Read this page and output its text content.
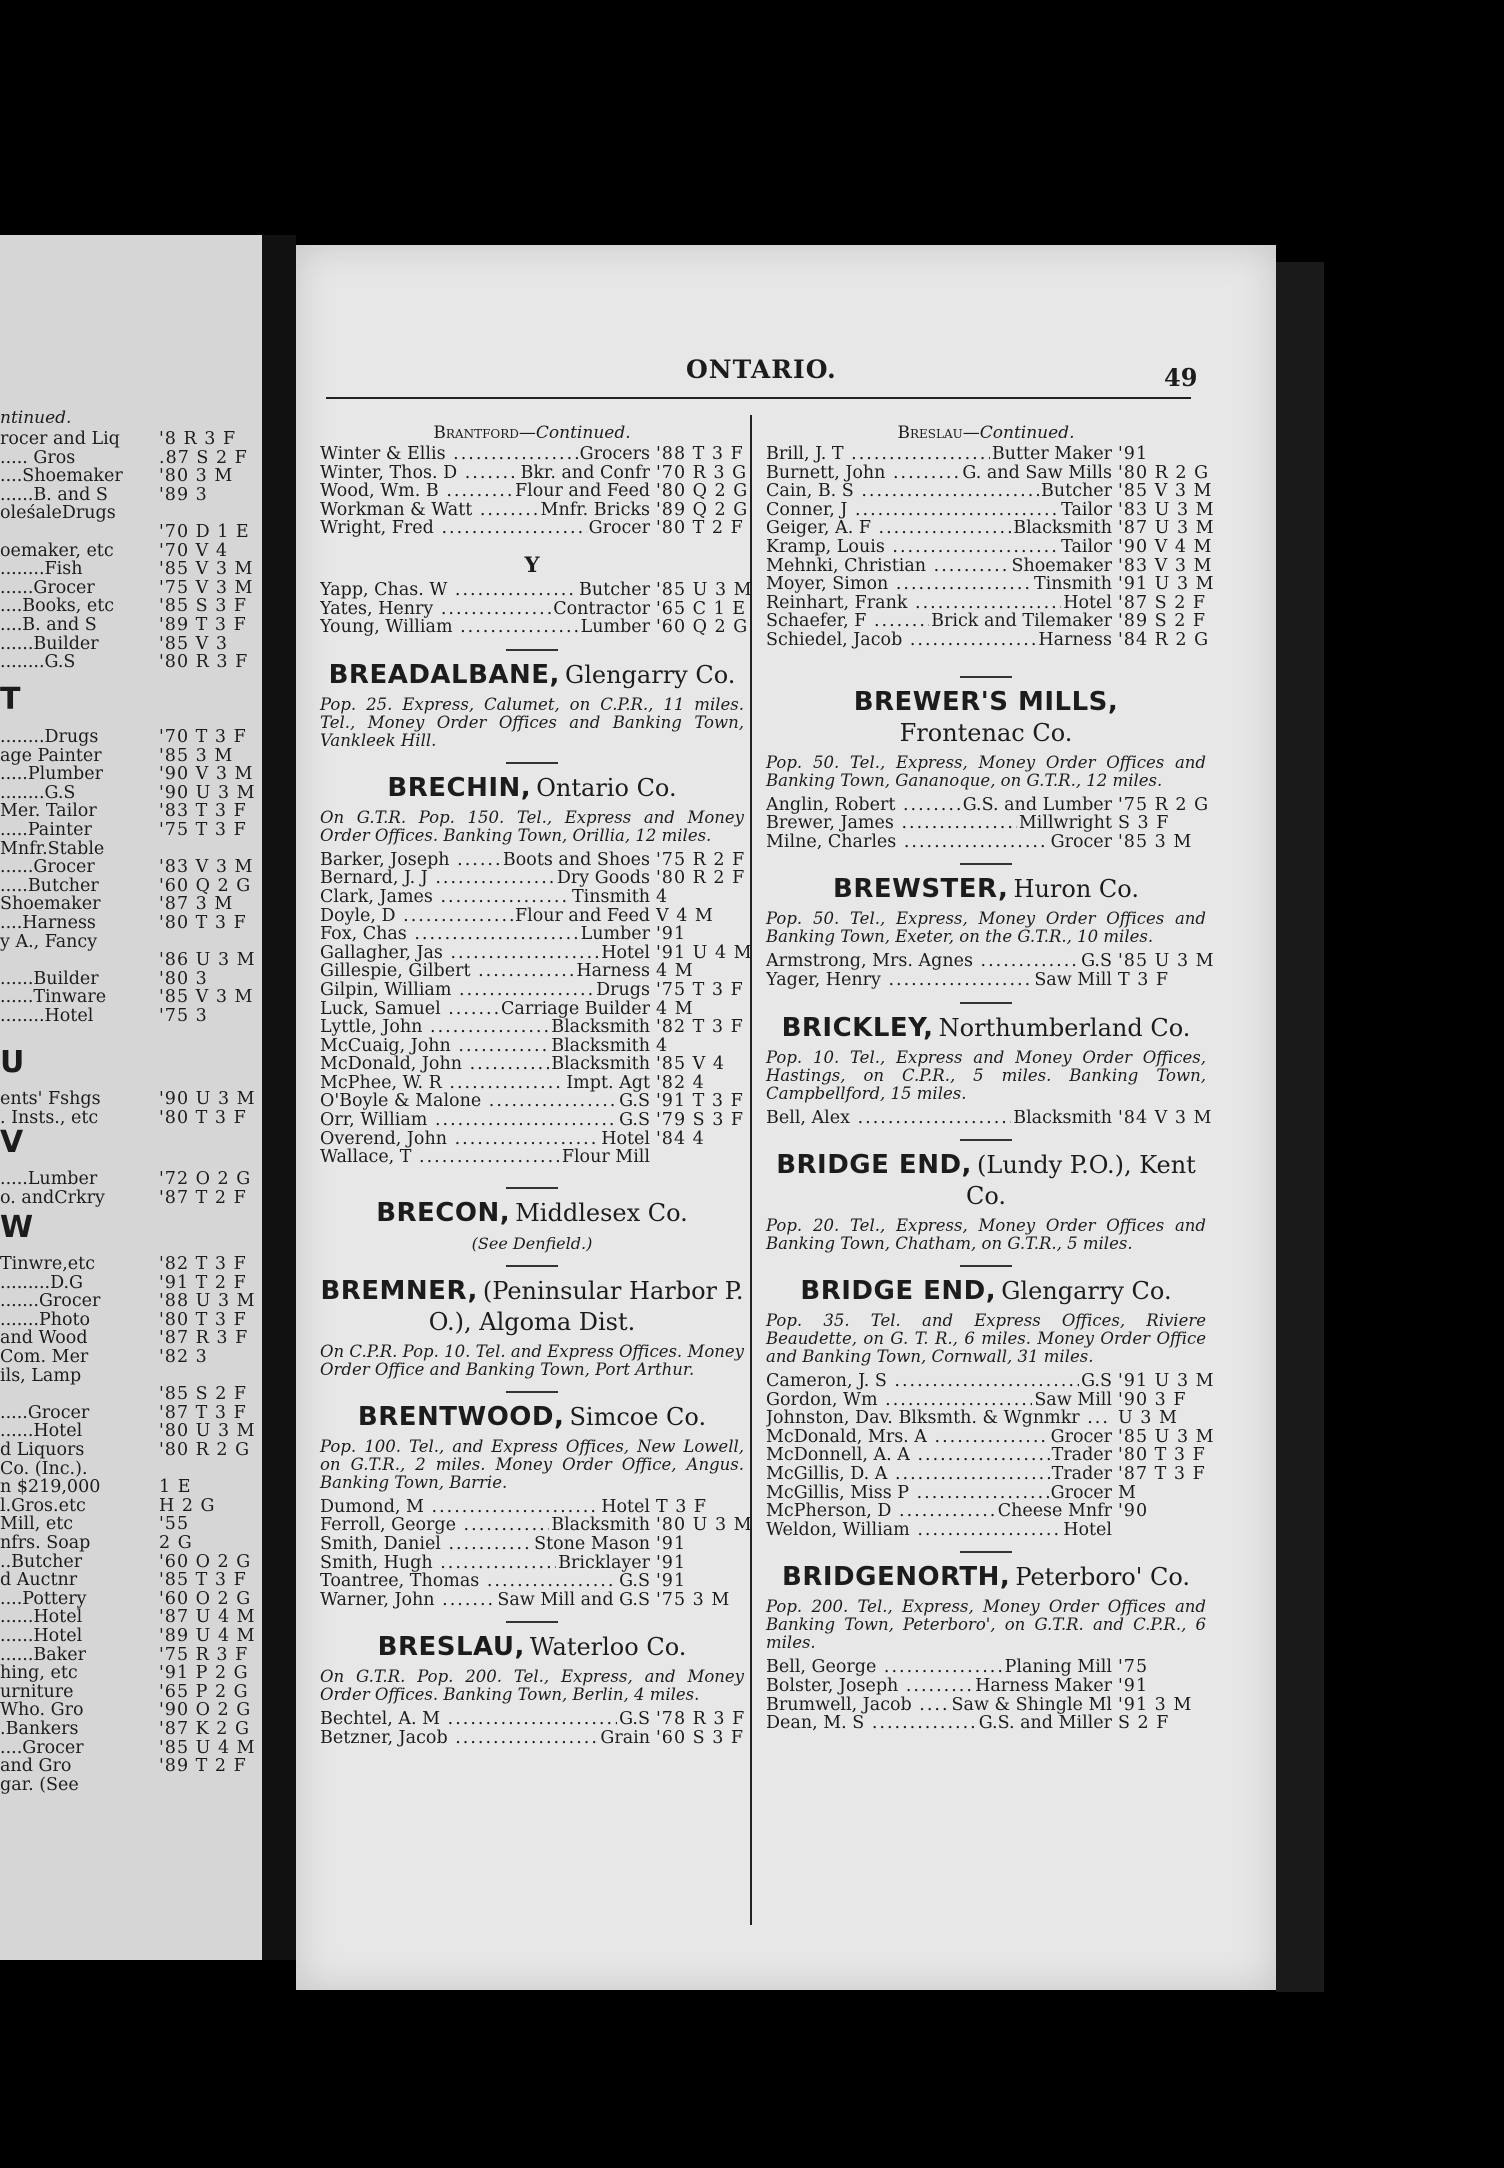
ntinued.
rocer and Liq	'8 R 3 F
..... Gros	.87 S 2 F
....Shoemaker	'80 3 M
......B. and S	'89 3
oleśaleDrugs
'70 D 1 E
oemaker, etc	'70 V 4
........Fish	'85 V 3 M
......Grocer	'75 V 3 M
....Books, etc	'85 S 3 F
....B. and S	'89 T 3 F
......Builder	'85 V 3
........G.S	'80 R 3 F
T
........Drugs	'70 T 3 F
age Painter	'85 3 M
.....Plumber	'90 V 3 M
........G.S	'90 U 3 M
Mer. Tailor	'83 T 3 F
.....Painter	'75 T 3 F
Mnfr.Stable
......Grocer	'83 V 3 M
.....Butcher	'60 Q 2 G
Shoemaker	'87 3 M
....Harness	'80 T 3 F
y A., Fancy
'86 U 3 M
......Builder	'80 3
......Tinware	'85 V 3 M
........Hotel	'75 3
U
ents' Fshgs	'90 U 3 M
. Insts., etc	'80 T 3 F
V
.....Lumber	'72 O 2 G
o. andCrkry	'87 T 2 F
W
Tinwre,etc	'82 T 3 F
.........D.G	'91 T 2 F
.......Grocer	'88 U 3 M
.......Photo	'80 T 3 F
and Wood	'87 R 3 F
Com. Mer	'82 3
ils, Lamp
'85 S 2 F
.....Grocer	'87 T 3 F
......Hotel	'80 U 3 M
d Liquors	'80 R 2 G
Co. (Inc.).
n $219,000	1 E
l.Gros.etc	H 2 G
Mill, etc	'55
nfrs. Soap	2 G
..Butcher	'60 O 2 G
d Auctnr	'85 T 3 F
....Pottery	'60 O 2 G
......Hotel	'87 U 4 M
......Hotel	'89 U 4 M
......Baker	'75 R 3 F
hing, etc	'91 P 2 G
urniture	'65 P 2 G
Who. Gro	'90 O 2 G
.Bankers	'87 K 2 G
....Grocer	'85 U 4 M
and Gro	'89 T 2 F
gar. (See
ONTARIO.	49
Brantford—Continued.
Winter & Ellis .....	Grocers '88 T 3 F
Winter, Thos. D .....	Bkr. and Confr '70 R 3 G
Wood, Wm. B .....	Flour and Feed '80 Q 2 G
Workman & Watt .....	Mnfr. Bricks '89 Q 2 G
Wright, Fred .....	Grocer '80 T 2 F
Y
Yapp, Chas. W .....	Butcher '85 U 3 M
Yates, Henry .....	Contractor '65 C 1 E
Young, William .....	Lumber '60 Q 2 G
BREADALBANE, Glengarry Co.
Pop. 25. Express, Calumet, on C.P.R., 11 miles. Tel., Money Order Offices and Banking Town, Vankleek Hill.
BRECHIN, Ontario Co.
On G.T.R. Pop. 150. Tel., Express and Money Order Offices. Banking Town, Orillia, 12 miles.
Barker, Joseph .....	Boots and Shoes '75 R 2 F
Bernard, J. J .....	Dry Goods '80 R 2 F
Clark, James .....	Tinsmith 4
Doyle, D .....	Flour and Feed V 4 M
Fox, Chas .....	Lumber '91
Gallagher, Jas .....	Hotel '91 U 4 M
Gillespie, Gilbert .....	Harness 4 M
Gilpin, William .....	Drugs '75 T 3 F
Luck, Samuel .....	Carriage Builder 4 M
Lyttle, John .....	Blacksmith '82 T 3 F
McCuaig, John .....	Blacksmith 4
McDonald, John .....	Blacksmith '85 V 4
McPhee, W. R .....	Impt. Agt '82 4
O'Boyle & Malone .....	G.S '91 T 3 F
Orr, William .....	G.S '79 S 3 F
Overend, John .....	Hotel '84 4
Wallace, T .....	Flour Mill
BRECON, Middlesex Co.
(See Denfield.)
BREMNER, (Peninsular Harbor P. O.), Algoma Dist.
On C.P.R. Pop. 10. Tel. and Express Offices. Money Order Office and Banking Town, Port Arthur.
BRENTWOOD, Simcoe Co.
Pop. 100. Tel., and Express Offices, New Lowell, on G.T.R., 2 miles. Money Order Office, Angus. Banking Town, Barrie.
Dumond, M .....	Hotel T 3 F
Ferroll, George .....	Blacksmith '80 U 3 M
Smith, Daniel .....	Stone Mason '91
Smith, Hugh .....	Bricklayer '91
Toantree, Thomas .....	G.S '91
Warner, John .....	Saw Mill and G.S '75 3 M
BRESLAU, Waterloo Co.
On G.T.R. Pop. 200. Tel., Express, and Money Order Offices. Banking Town, Berlin, 4 miles.
Bechtel, A. M .....	G.S '78 R 3 F
Betzner, Jacob .....	Grain '60 S 3 F
Breslau—Continued.
Brill, J. T .....	Butter Maker '91
Burnett, John .....	G. and Saw Mills '80 R 2 G
Cain, B. S .....	Butcher '85 V 3 M
Conner, J .....	Tailor '83 U 3 M
Geiger, A. F .....	Blacksmith '87 U 3 M
Kramp, Louis .....	Tailor '90 V 4 M
Mehnki, Christian .....	Shoemaker '83 V 3 M
Moyer, Simon .....	Tinsmith '91 U 3 M
Reinhart, Frank .....	Hotel '87 S 2 F
Schaefer, F .....	Brick and Tilemaker '89 S 2 F
Schiedel, Jacob .....	Harness '84 R 2 G
BREWER'S MILLS,
Frontenac Co.
Pop. 50. Tel., Express, Money Order Offices and Banking Town, Gananoque, on G.T.R., 12 miles.
Anglin, Robert .....	G.S. and Lumber '75 R 2 G
Brewer, James .....	Millwright S 3 F
Milne, Charles .....	Grocer '85 3 M
BREWSTER, Huron Co.
Pop. 50. Tel., Express, Money Order Offices and Banking Town, Exeter, on the G.T.R., 10 miles.
Armstrong, Mrs. Agnes .....	G.S '85 U 3 M
Yager, Henry .....	Saw Mill T 3 F
BRICKLEY, Northumberland Co.
Pop. 10. Tel., Express and Money Order Offices, Hastings, on C.P.R., 5 miles. Banking Town, Campbellford, 15 miles.
Bell, Alex .....	Blacksmith '84 V 3 M
BRIDGE END, (Lundy P.O.), Kent Co.
Pop. 20. Tel., Express, Money Order Offices and Banking Town, Chatham, on G.T.R., 5 miles.
BRIDGE END, Glengarry Co.
Pop. 35. Tel. and Express Offices, Riviere Beaudette, on G. T. R., 6 miles. Money Order Office and Banking Town, Cornwall, 31 miles.
Cameron, J. S .....	G.S '91 U 3 M
Gordon, Wm .....	Saw Mill '90 3 F
Johnston, Dav. Blksmth. & Wgnmkr .....	U 3 M
McDonald, Mrs. A .....	Grocer '85 U 3 M
McDonnell, A. A .....	Trader '80 T 3 F
McGillis, D. A .....	Trader '87 T 3 F
McGillis, Miss P .....	Grocer M
McPherson, D .....	Cheese Mnfr '90
Weldon, William .....	Hotel
BRIDGENORTH, Peterboro' Co.
Pop. 200. Tel., Express, Money Order Offices and Banking Town, Peterboro', on G.T.R. and C.P.R., 6 miles.
Bell, George .....	Planing Mill '75
Bolster, Joseph .....	Harness Maker '91
Brumwell, Jacob .....	Saw & Shingle Ml '91 3 M
Dean, M. S .....	G.S. and Miller S 2 F
